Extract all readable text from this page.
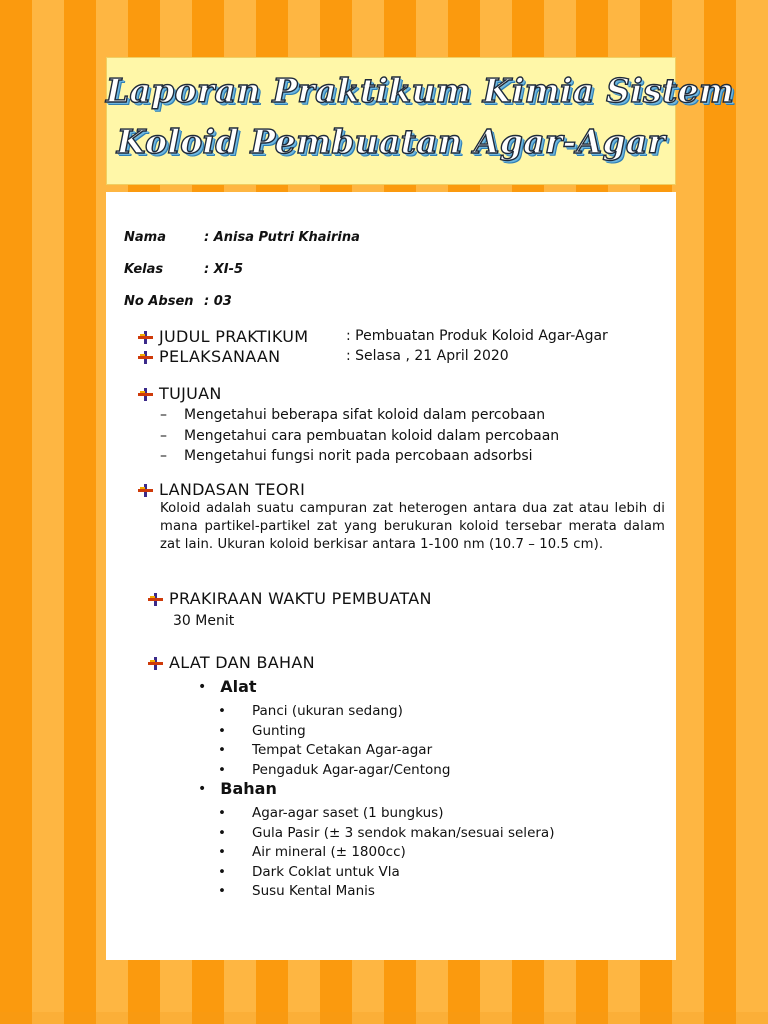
Laporan Praktikum Kimia Sistem
Koloid Pembuatan Agar-Agar
Nama	: Anisa Putri Khairina
Kelas	: XI-5
No Absen : 03
JUDUL PRAKTIKUM	: Pembuatan Produk Koloid Agar-Agar
PELAKSANAAN	: Selasa , 21 April 2020
TUJUAN
– Mengetahui beberapa sifat koloid dalam percobaan
– Mengetahui cara pembuatan koloid dalam percobaan
– Mengetahui fungsi norit pada percobaan adsorbsi
LANDASAN TEORI

Koloid adalah suatu campuran zat heterogen antara dua zat atau lebih di mana partikel-partikel zat yang berukuran koloid tersebar merata dalam zat lain. Ukuran koloid berkisar antara 1-100 nm (10.7 – 10.5 cm).

PRAKIRAAN WAKTU PEMBUATAN
30 Menit
ALAT DAN BAHAN
• Alat
• Panci (ukuran sedang)
• Gunting
• Tempat Cetakan Agar-agar
• Pengaduk Agar-agar/Centong
• Bahan
• Agar-agar saset (1 bungkus)
• Gula Pasir (± 3 sendok makan/sesuai selera)
• Air mineral (± 1800cc)
• Dark Coklat untuk Vla
• Susu Kental Manis
